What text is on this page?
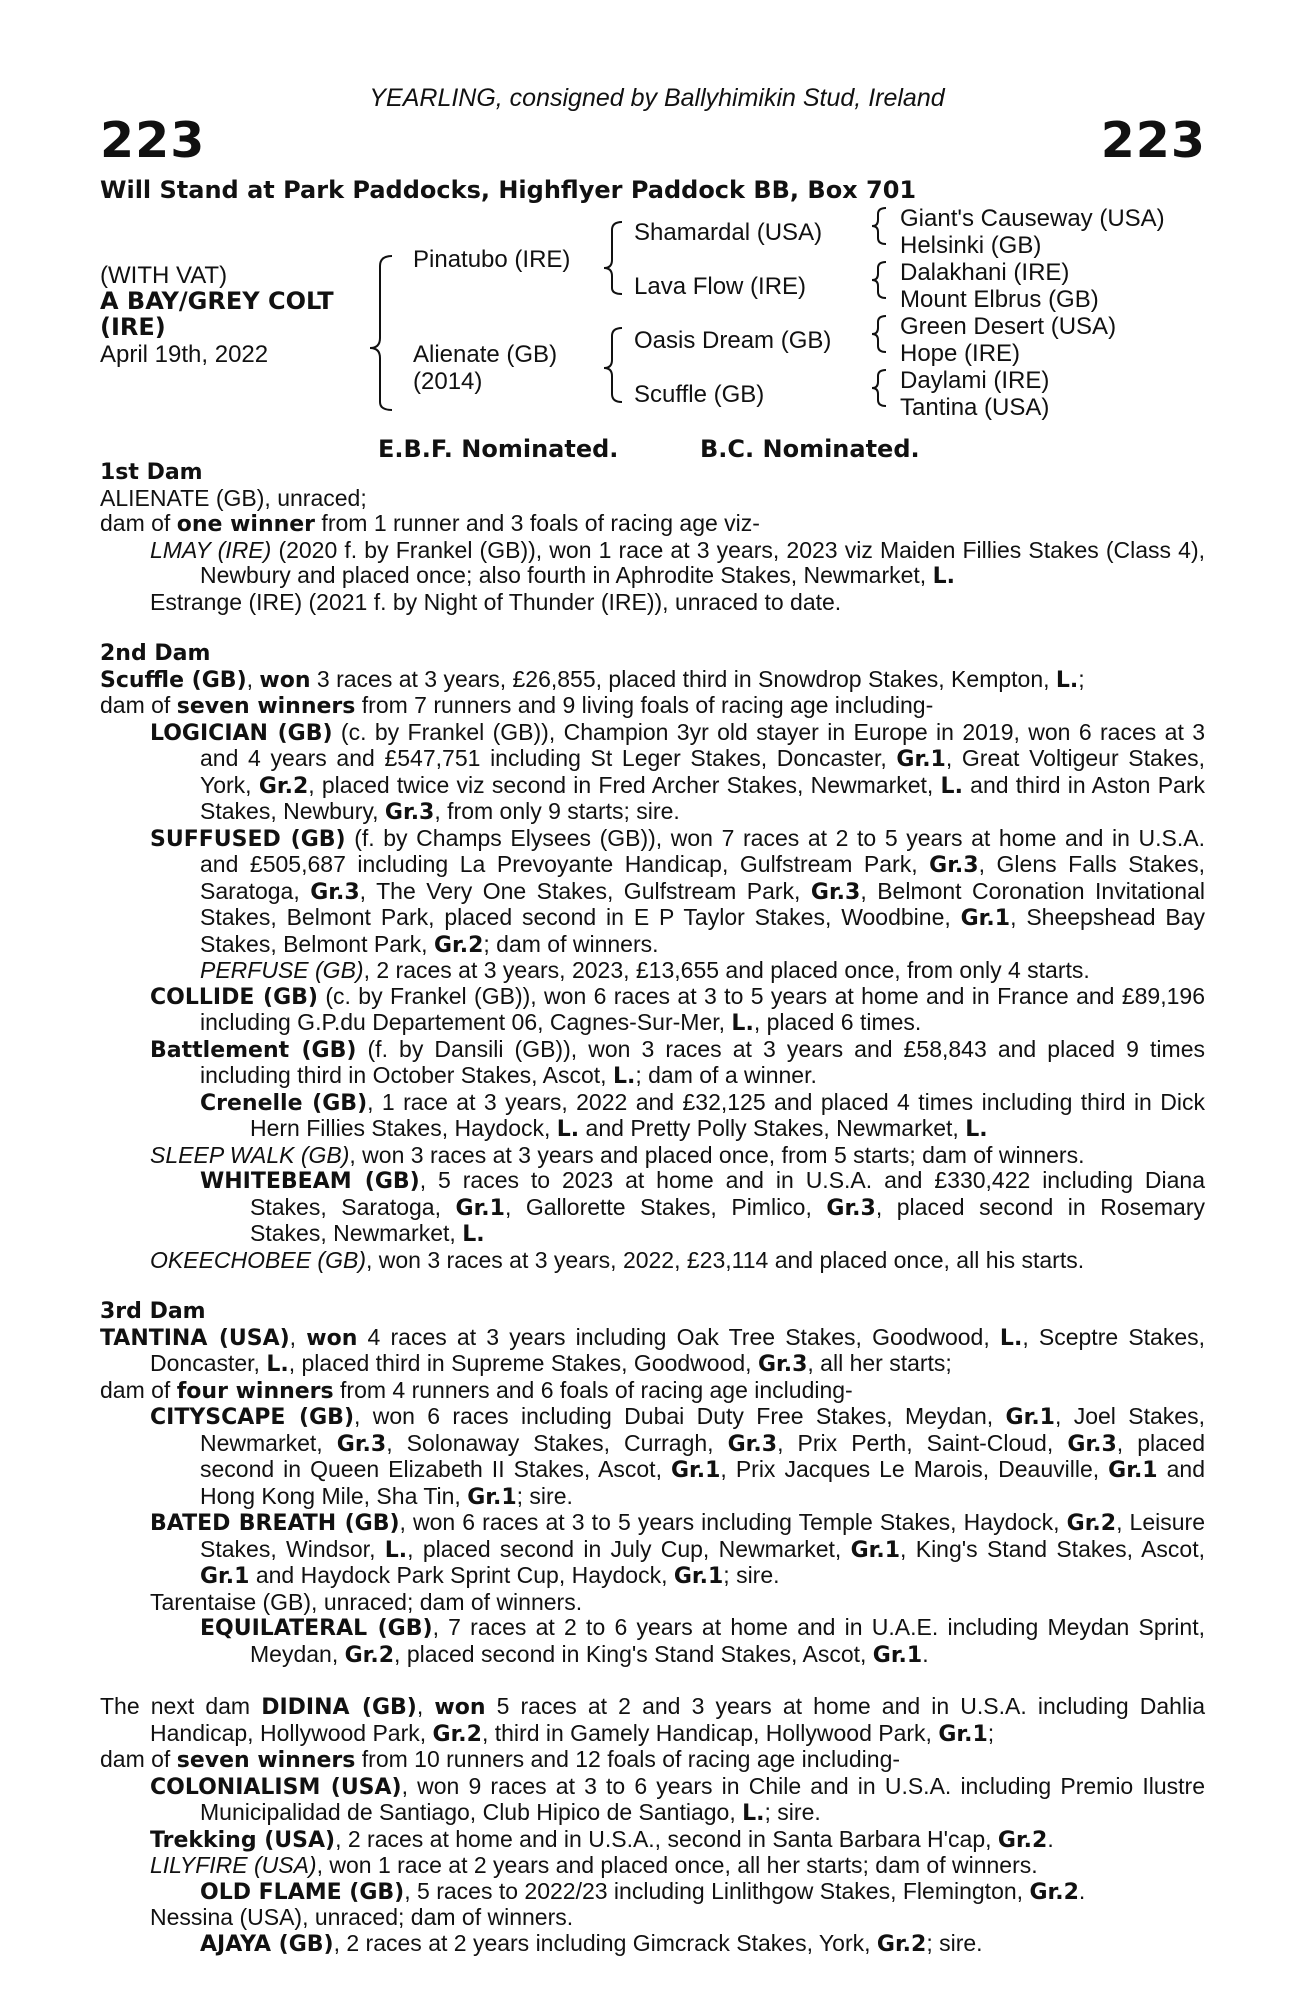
YEARLING, consigned by Ballyhimikin Stud, Ireland
223	223
Will Stand at Park Paddocks, Highflyer Paddock BB, Box 701
(WITH VAT)
A BAY/GREY COLT
(IRE)
April 19th, 2022
Pinatubo (IRE)
Alienate (GB)
(2014)
Shamardal (USA)
Lava Flow (IRE)
Oasis Dream (GB)
Scuffle (GB)
Giant's Causeway (USA)
Helsinki (GB)
Dalakhani (IRE)
Mount Elbrus (GB)
Green Desert (USA)
Hope (IRE)
Daylami (IRE)
Tantina (USA)
E.B.F. Nominated.	B.C. Nominated.

1st Dam

ALIENATE (GB), unraced;

dam of one winner from 1 runner and 3 foals of racing age viz-

LMAY (IRE) (2020 f. by Frankel (GB)), won 1 race at 3 years, 2023 viz Maiden Fillies Stakes (Class 4), Newbury and placed once; also fourth in Aphrodite Stakes, Newmarket, L.

Estrange (IRE) (2021 f. by Night of Thunder (IRE)), unraced to date.

2nd Dam

Scuffle (GB), won 3 races at 3 years, £26,855, placed third in Snowdrop Stakes, Kempton, L.;

dam of seven winners from 7 runners and 9 living foals of racing age including-

LOGICIAN (GB) (c. by Frankel (GB)), Champion 3yr old stayer in Europe in 2019, won 6 races at 3 and 4 years and £547,751 including St Leger Stakes, Doncaster, Gr.1, Great Voltigeur Stakes, York, Gr.2, placed twice viz second in Fred Archer Stakes, Newmarket, L. and third in Aston Park Stakes, Newbury, Gr.3, from only 9 starts; sire.

SUFFUSED (GB) (f. by Champs Elysees (GB)), won 7 races at 2 to 5 years at home and in U.S.A. and £505,687 including La Prevoyante Handicap, Gulfstream Park, Gr.3, Glens Falls Stakes, Saratoga, Gr.3, The Very One Stakes, Gulfstream Park, Gr.3, Belmont Coronation Invitational Stakes, Belmont Park, placed second in E P Taylor Stakes, Woodbine, Gr.1, Sheepshead Bay Stakes, Belmont Park, Gr.2; dam of winners.

PERFUSE (GB), 2 races at 3 years, 2023, £13,655 and placed once, from only 4 starts.

COLLIDE (GB) (c. by Frankel (GB)), won 6 races at 3 to 5 years at home and in France and £89,196 including G.P.du Departement 06, Cagnes-Sur-Mer, L., placed 6 times.

Battlement (GB) (f. by Dansili (GB)), won 3 races at 3 years and £58,843 and placed 9 times including third in October Stakes, Ascot, L.; dam of a winner.

Crenelle (GB), 1 race at 3 years, 2022 and £32,125 and placed 4 times including third in Dick Hern Fillies Stakes, Haydock, L. and Pretty Polly Stakes, Newmarket, L.

SLEEP WALK (GB), won 3 races at 3 years and placed once, from 5 starts; dam of winners.

WHITEBEAM (GB), 5 races to 2023 at home and in U.S.A. and £330,422 including Diana Stakes, Saratoga, Gr.1, Gallorette Stakes, Pimlico, Gr.3, placed second in Rosemary Stakes, Newmarket, L.

OKEECHOBEE (GB), won 3 races at 3 years, 2022, £23,114 and placed once, all his starts.

3rd Dam

TANTINA (USA), won 4 races at 3 years including Oak Tree Stakes, Goodwood, L., Sceptre Stakes, Doncaster, L., placed third in Supreme Stakes, Goodwood, Gr.3, all her starts;

dam of four winners from 4 runners and 6 foals of racing age including-

CITYSCAPE (GB), won 6 races including Dubai Duty Free Stakes, Meydan, Gr.1, Joel Stakes, Newmarket, Gr.3, Solonaway Stakes, Curragh, Gr.3, Prix Perth, Saint-Cloud, Gr.3, placed second in Queen Elizabeth II Stakes, Ascot, Gr.1, Prix Jacques Le Marois, Deauville, Gr.1 and Hong Kong Mile, Sha Tin, Gr.1; sire.

BATED BREATH (GB), won 6 races at 3 to 5 years including Temple Stakes, Haydock, Gr.2, Leisure Stakes, Windsor, L., placed second in July Cup, Newmarket, Gr.1, King's Stand Stakes, Ascot, Gr.1 and Haydock Park Sprint Cup, Haydock, Gr.1; sire.

Tarentaise (GB), unraced; dam of winners.

EQUILATERAL (GB), 7 races at 2 to 6 years at home and in U.A.E. including Meydan Sprint, Meydan, Gr.2, placed second in King's Stand Stakes, Ascot, Gr.1.

The next dam DIDINA (GB), won 5 races at 2 and 3 years at home and in U.S.A. including Dahlia Handicap, Hollywood Park, Gr.2, third in Gamely Handicap, Hollywood Park, Gr.1;

dam of seven winners from 10 runners and 12 foals of racing age including-

COLONIALISM (USA), won 9 races at 3 to 6 years in Chile and in U.S.A. including Premio Ilustre Municipalidad de Santiago, Club Hipico de Santiago, L.; sire.

Trekking (USA), 2 races at home and in U.S.A., second in Santa Barbara H'cap, Gr.2.

LILYFIRE (USA), won 1 race at 2 years and placed once, all her starts; dam of winners.

OLD FLAME (GB), 5 races to 2022/23 including Linlithgow Stakes, Flemington, Gr.2.

Nessina (USA), unraced; dam of winners.

AJAYA (GB), 2 races at 2 years including Gimcrack Stakes, York, Gr.2; sire.
